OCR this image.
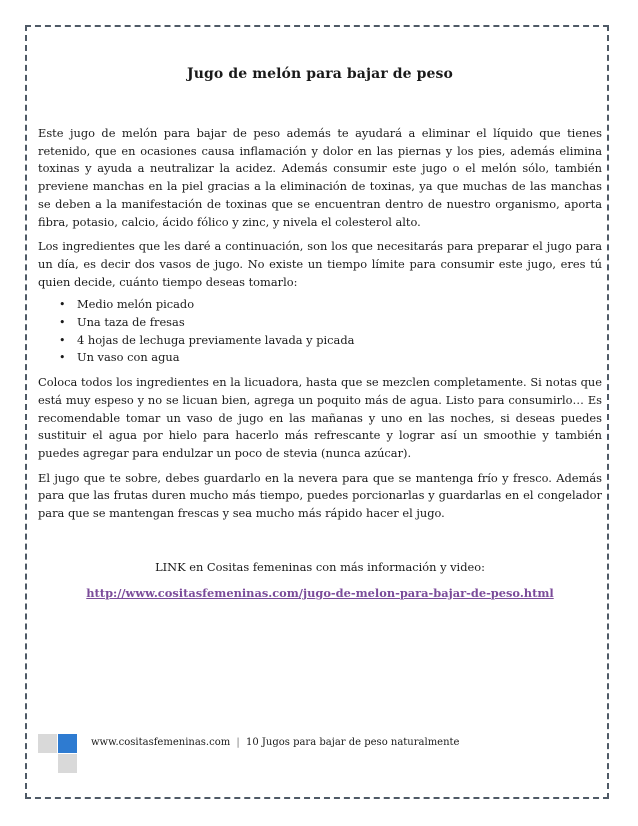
Jugo de melón para bajar de peso

Este jugo de melón para bajar de peso además te ayudará a eliminar el líquido que tienes retenido, que en ocasiones causa inflamación y dolor en las piernas y los pies, además elimina toxinas y ayuda a neutralizar la acidez. Además consumir este jugo o el melón sólo, también previene manchas en la piel gracias a la eliminación de toxinas, ya que muchas de las manchas se deben a la manifestación de toxinas que se encuentran dentro de nuestro organismo, aporta fibra, potasio, calcio, ácido fólico y zinc, y nivela el colesterol alto.

Los ingredientes que les daré a continuación, son los que necesitarás para preparar el jugo para un día, es decir dos vasos de jugo. No existe un tiempo límite para consumir este jugo, eres tú quien decide, cuánto tiempo deseas tomarlo:

• Medio melón picado
• Una taza de fresas
• 4 hojas de lechuga previamente lavada y picada
• Un vaso con agua

Coloca todos los ingredientes en la licuadora, hasta que se mezclen completamente. Si notas que está muy espeso y no se licuan bien, agrega un poquito más de agua. Listo para consumirlo… Es recomendable tomar un vaso de jugo en las mañanas y uno en las noches, si deseas puedes sustituir el agua por hielo para hacerlo más refrescante y lograr así un smoothie y también puedes agregar para endulzar un poco de stevia (nunca azúcar).

El jugo que te sobre, debes guardarlo en la nevera para que se mantenga frío y fresco. Además para que las frutas duren mucho más tiempo, puedes porcionarlas y guardarlas en el congelador para que se mantengan frescas y sea mucho más rápido hacer el jugo.

LINK en Cositas femeninas con más información y video:

http://www.cositasfemeninas.com/jugo-de-melon-para-bajar-de-peso.html

www.cositasfemeninas.com | 10 Jugos para bajar de peso naturalmente
